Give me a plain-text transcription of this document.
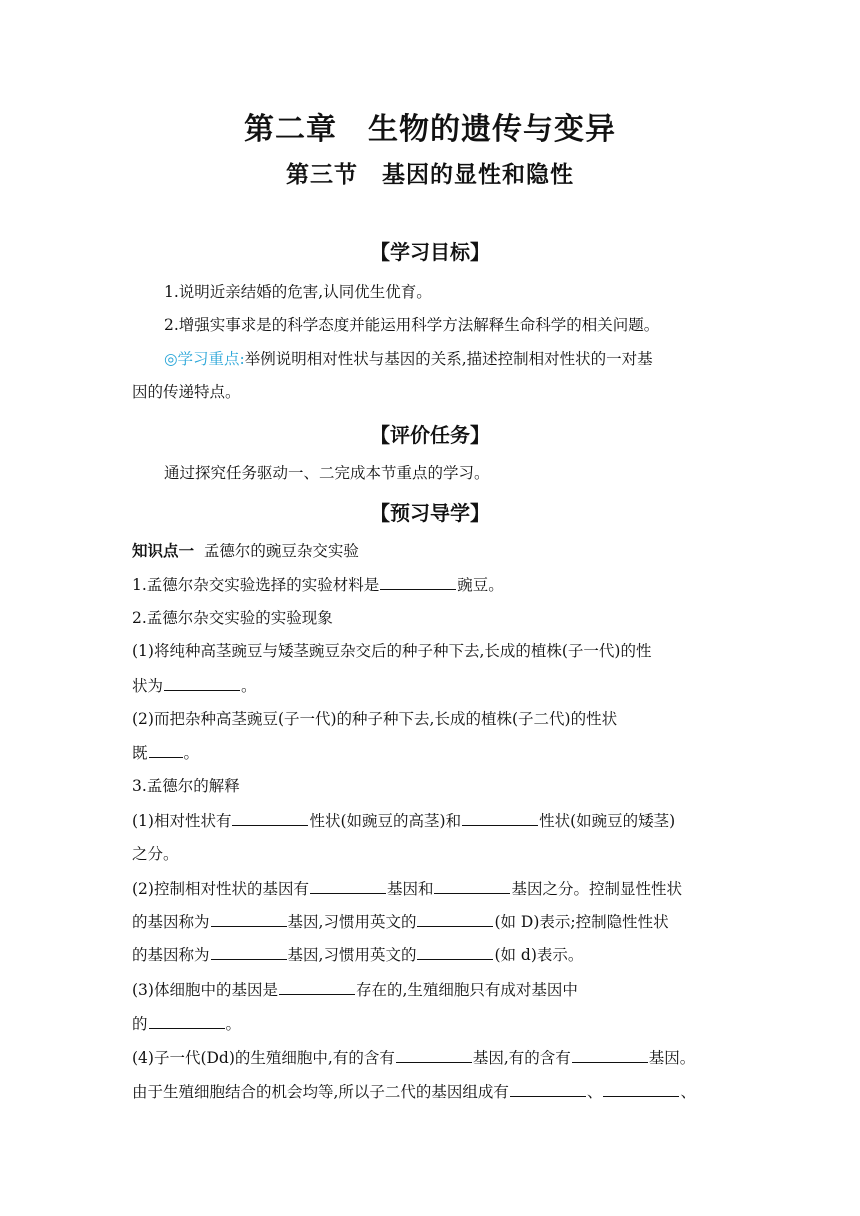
第二章　生物的遗传与变异
第三节　基因的显性和隐性
【学习目标】
1.说明近亲结婚的危害,认同优生优育。
2.增强实事求是的科学态度并能运用科学方法解释生命科学的相关问题。
◎学习重点:举例说明相对性状与基因的关系,描述控制相对性状的一对基
因的传递特点。
【评价任务】
通过探究任务驱动一、二完成本节重点的学习。
【预习导学】
知识点一 孟德尔的豌豆杂交实验
1.孟德尔杂交实验选择的实验材料是	豌豆。
2.孟德尔杂交实验的实验现象
(1)将纯种高茎豌豆与矮茎豌豆杂交后的种子种下去,长成的植株(子一代)的性
状为	。
(2)而把杂种高茎豌豆(子一代)的种子种下去,长成的植株(子二代)的性状
既 。
3.孟德尔的解释
(1)相对性状有	性状(如豌豆的高茎)和	性状(如豌豆的矮茎)
之分。
(2)控制相对性状的基因有	基因和	基因之分。控制显性性状
的基因称为	基因,习惯用英文的	(如 D)表示;控制隐性性状
的基因称为	基因,习惯用英文的	(如 d)表示。
(3)体细胞中的基因是	存在的,生殖细胞只有成对基因中
的	。
(4)子一代(Dd)的生殖细胞中,有的含有	基因,有的含有	基因。
由于生殖细胞结合的机会均等,所以子二代的基因组成有	、	、
